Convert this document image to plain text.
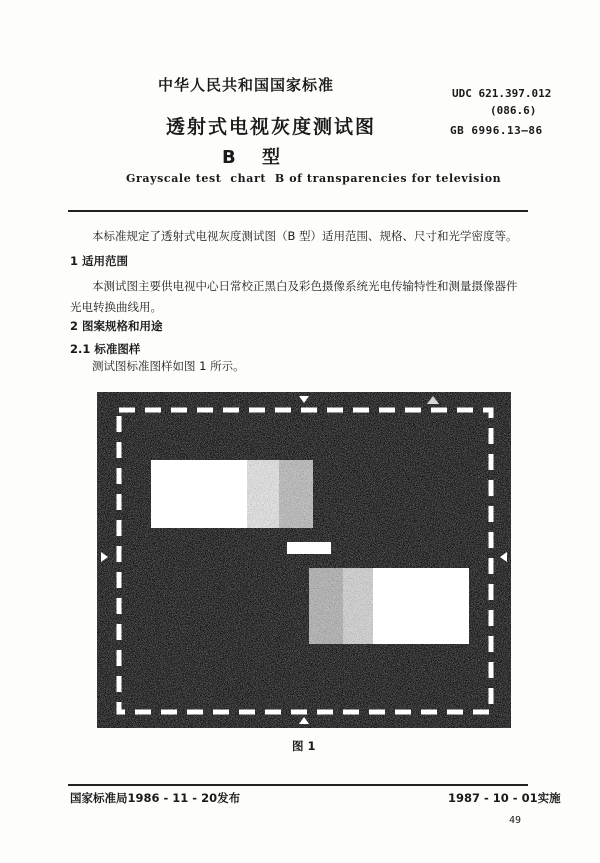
中华人民共和国国家标准	UDC 621.397.012
(086.6)
GB 6996.13—86
透射式电视灰度测试图
B 型
Grayscale test  chart  B of transparencies for television
本标准规定了透射式电视灰度测试图（B 型）适用范围、规格、尺寸和光学密度等。
1 适用范围
本测试图主要供电视中心日常校正黑白及彩色摄像系统光电传输特性和测量摄像器件光电转换曲线用。
2 图案规格和用途
2.1 标准图样
测试图标准图样如图 1 所示。
图 1
国家标准局1986 - 11 - 20发布	1987 - 10 - 01实施
49
